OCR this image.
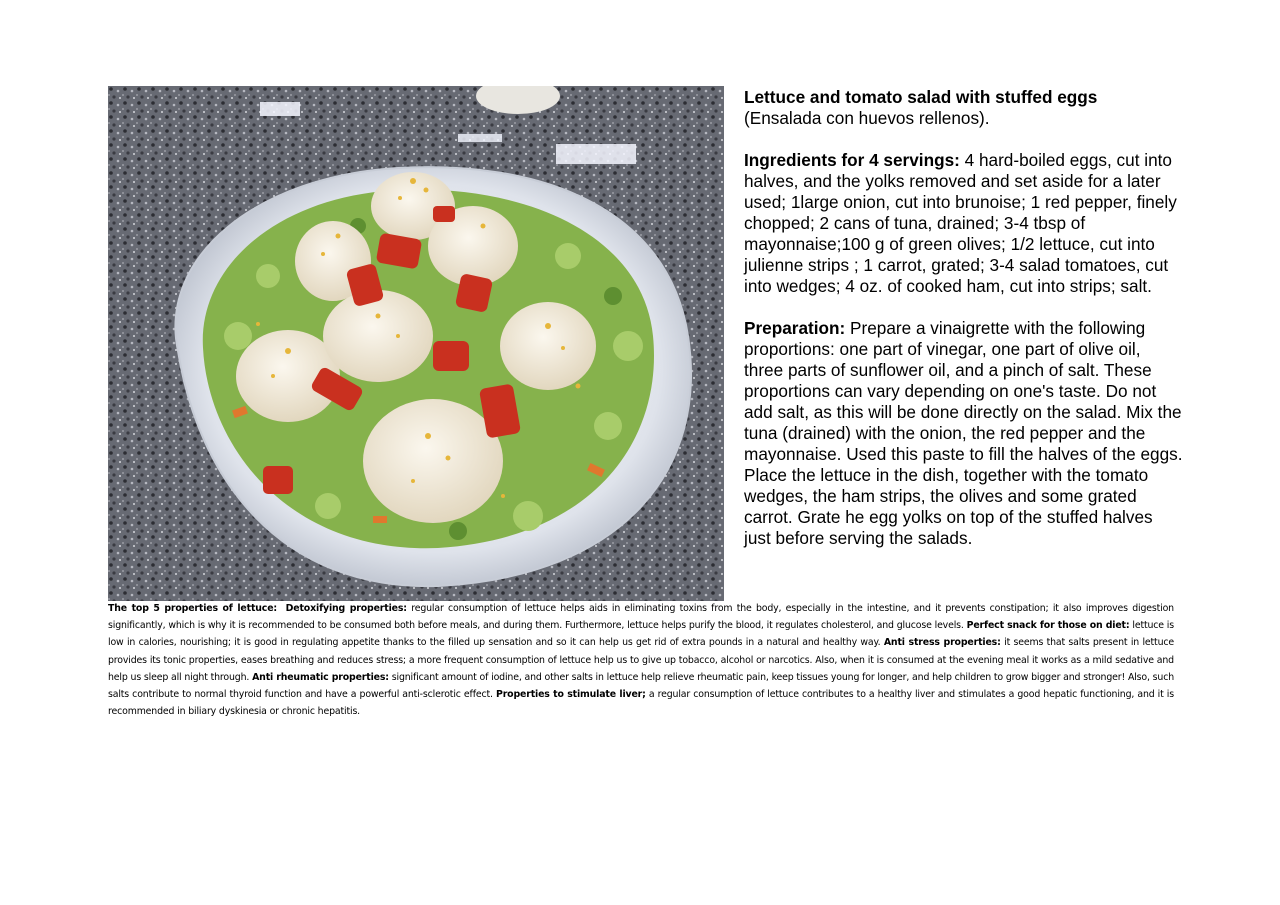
Lettuce and tomato salad with stuffed eggs
(Ensalada con huevos rellenos).

Ingredients for 4 servings: 4 hard-boiled eggs, cut into halves, and the yolks removed and set aside for a later used; 1large onion, cut into brunoise; 1 red pepper, finely chopped; 2 cans of tuna, drained; 3-4 tbsp of mayonnaise;100 g of green olives; 1/2 lettuce, cut into julienne strips ; 1 carrot, grated; 3-4 salad tomatoes, cut into wedges; 4 oz. of cooked ham, cut into strips; salt.

Preparation: Prepare a vinaigrette with the following proportions: one part of vinegar, one part of olive oil, three parts of sunflower oil, and a pinch of salt. These proportions can vary depending on one's taste. Do not add salt, as this will be done directly on the salad. Mix the tuna (drained) with the onion, the red pepper and the mayonnaise. Used this paste to fill the halves of the eggs. Place the lettuce in the dish, together with the tomato wedges, the ham strips, the olives and some grated carrot. Grate he egg yolks on top of the stuffed halves just before serving the salads.

The top 5 properties of lettuce: Detoxifying properties: regular consumption of lettuce helps aids in eliminating toxins from the body, especially in the intestine, and it prevents constipation; it also improves digestion significantly, which is why it is recommended to be consumed both before meals, and during them. Furthermore, lettuce helps purify the blood, it regulates cholesterol, and glucose levels. Perfect snack for those on diet: lettuce is low in calories, nourishing; it is good in regulating appetite thanks to the filled up sensation and so it can help us get rid of extra pounds in a natural and healthy way. Anti stress properties: it seems that salts present in lettuce provides its tonic properties, eases breathing and reduces stress; a more frequent consumption of lettuce help us to give up tobacco, alcohol or narcotics. Also, when it is consumed at the evening meal it works as a mild sedative and help us sleep all night through. Anti rheumatic properties: significant amount of iodine, and other salts in lettuce help relieve rheumatic pain, keep tissues young for longer, and help children to grow bigger and stronger! Also, such salts contribute to normal thyroid function and have a powerful anti-sclerotic effect. Properties to stimulate liver; a regular consumption of lettuce contributes to a healthy liver and stimulates a good hepatic functioning, and it is recommended in biliary dyskinesia or chronic hepatitis.
